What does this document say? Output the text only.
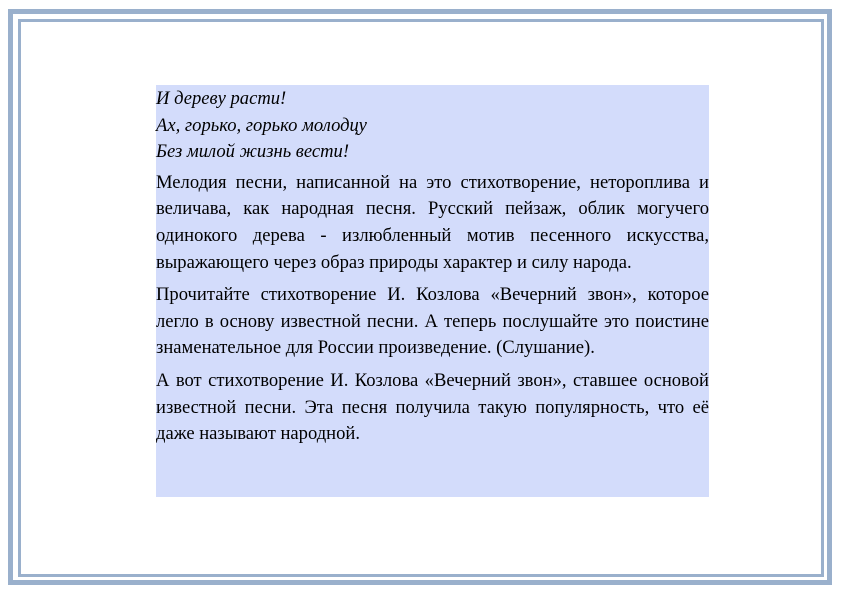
И дереву расти!
Ах, горько, горько молодцу
Без милой жизнь вести!

Мелодия песни, написанной на это стихотворение, нетороплива и величава, как народная песня. Русский пейзаж, облик могучего одинокого дерева - излюбленный мотив песенного искусства, выражающего через образ природы характер и силу народа.

Прочитайте стихотворение И. Козлова «Вечерний звон», которое легло в основу известной песни. А теперь послушайте это поистине знаменательное для России произведение. (Слушание).

А вот стихотворение И. Козлова «Вечерний звон», ставшее основой известной песни. Эта песня получила такую популярность, что её даже называют народной.
